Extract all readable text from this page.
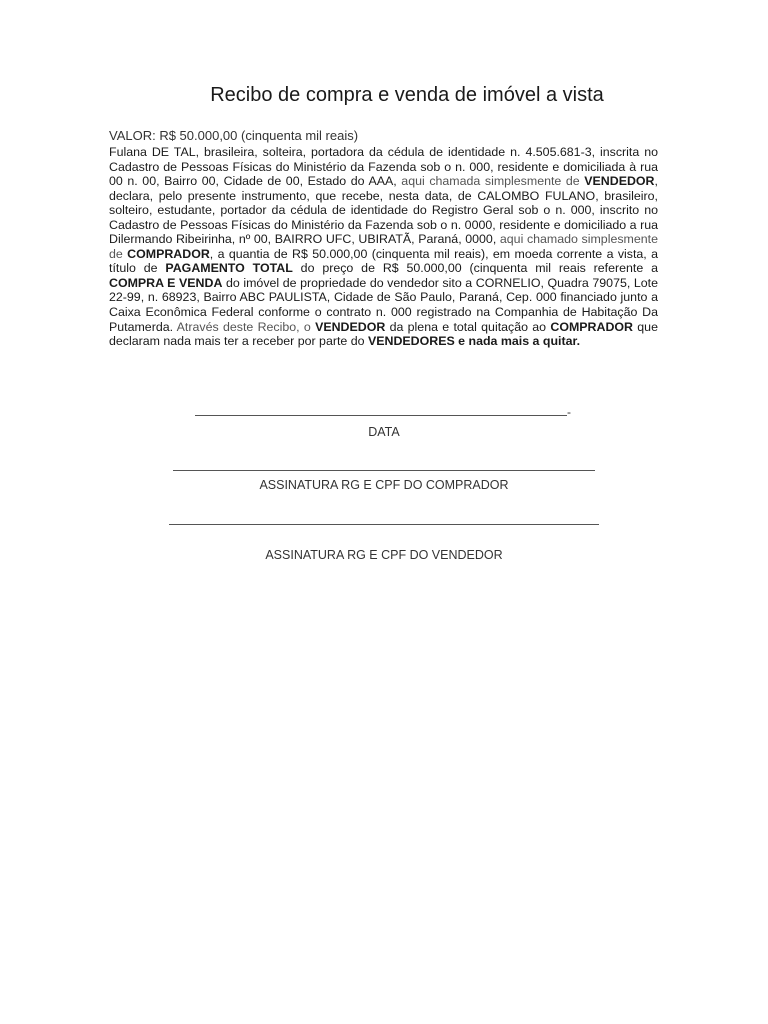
Recibo de compra e venda de imóvel a vista

VALOR: R$ 50.000,00 (cinquenta mil reais)

Fulana DE TAL, brasileira, solteira, portadora da cédula de identidade n. 4.505.681-3, inscrita no Cadastro de Pessoas Físicas do Ministério da Fazenda sob o n. 000, residente e domiciliada à rua 00 n. 00, Bairro 00, Cidade de 00, Estado do AAA, aqui chamada simplesmente de VENDEDOR, declara, pelo presente instrumento, que recebe, nesta data, de CALOMBO FULANO, brasileiro, solteiro, estudante, portador da cédula de identidade do Registro Geral sob o n. 000, inscrito no Cadastro de Pessoas Físicas do Ministério da Fazenda sob o n. 0000, residente e domiciliado a rua Dilermando Ribeirinha, nº 00, BAIRRO UFC, UBIRATÃ, Paraná, 0000, aqui chamado simplesmente de COMPRADOR, a quantia de R$ 50.000,00 (cinquenta mil reais), em moeda corrente a vista, a título de PAGAMENTO TOTAL do preço de R$ 50.000,00 (cinquenta mil reais referente a COMPRA E VENDA do imóvel de propriedade do vendedor sito a CORNELIO, Quadra 79075, Lote 22-99, n. 68923, Bairro ABC PAULISTA, Cidade de São Paulo, Paraná, Cep. 000 financiado junto a Caixa Econômica Federal conforme o contrato n. 000 registrado na Companhia de Habitação Da Putamerda. Através deste Recibo, o VENDEDOR da plena e total quitação ao COMPRADOR que declaram nada mais ter a receber por parte do VENDEDORES e nada mais a quitar.

-

DATA

ASSINATURA RG E CPF DO COMPRADOR

ASSINATURA RG E CPF DO VENDEDOR
